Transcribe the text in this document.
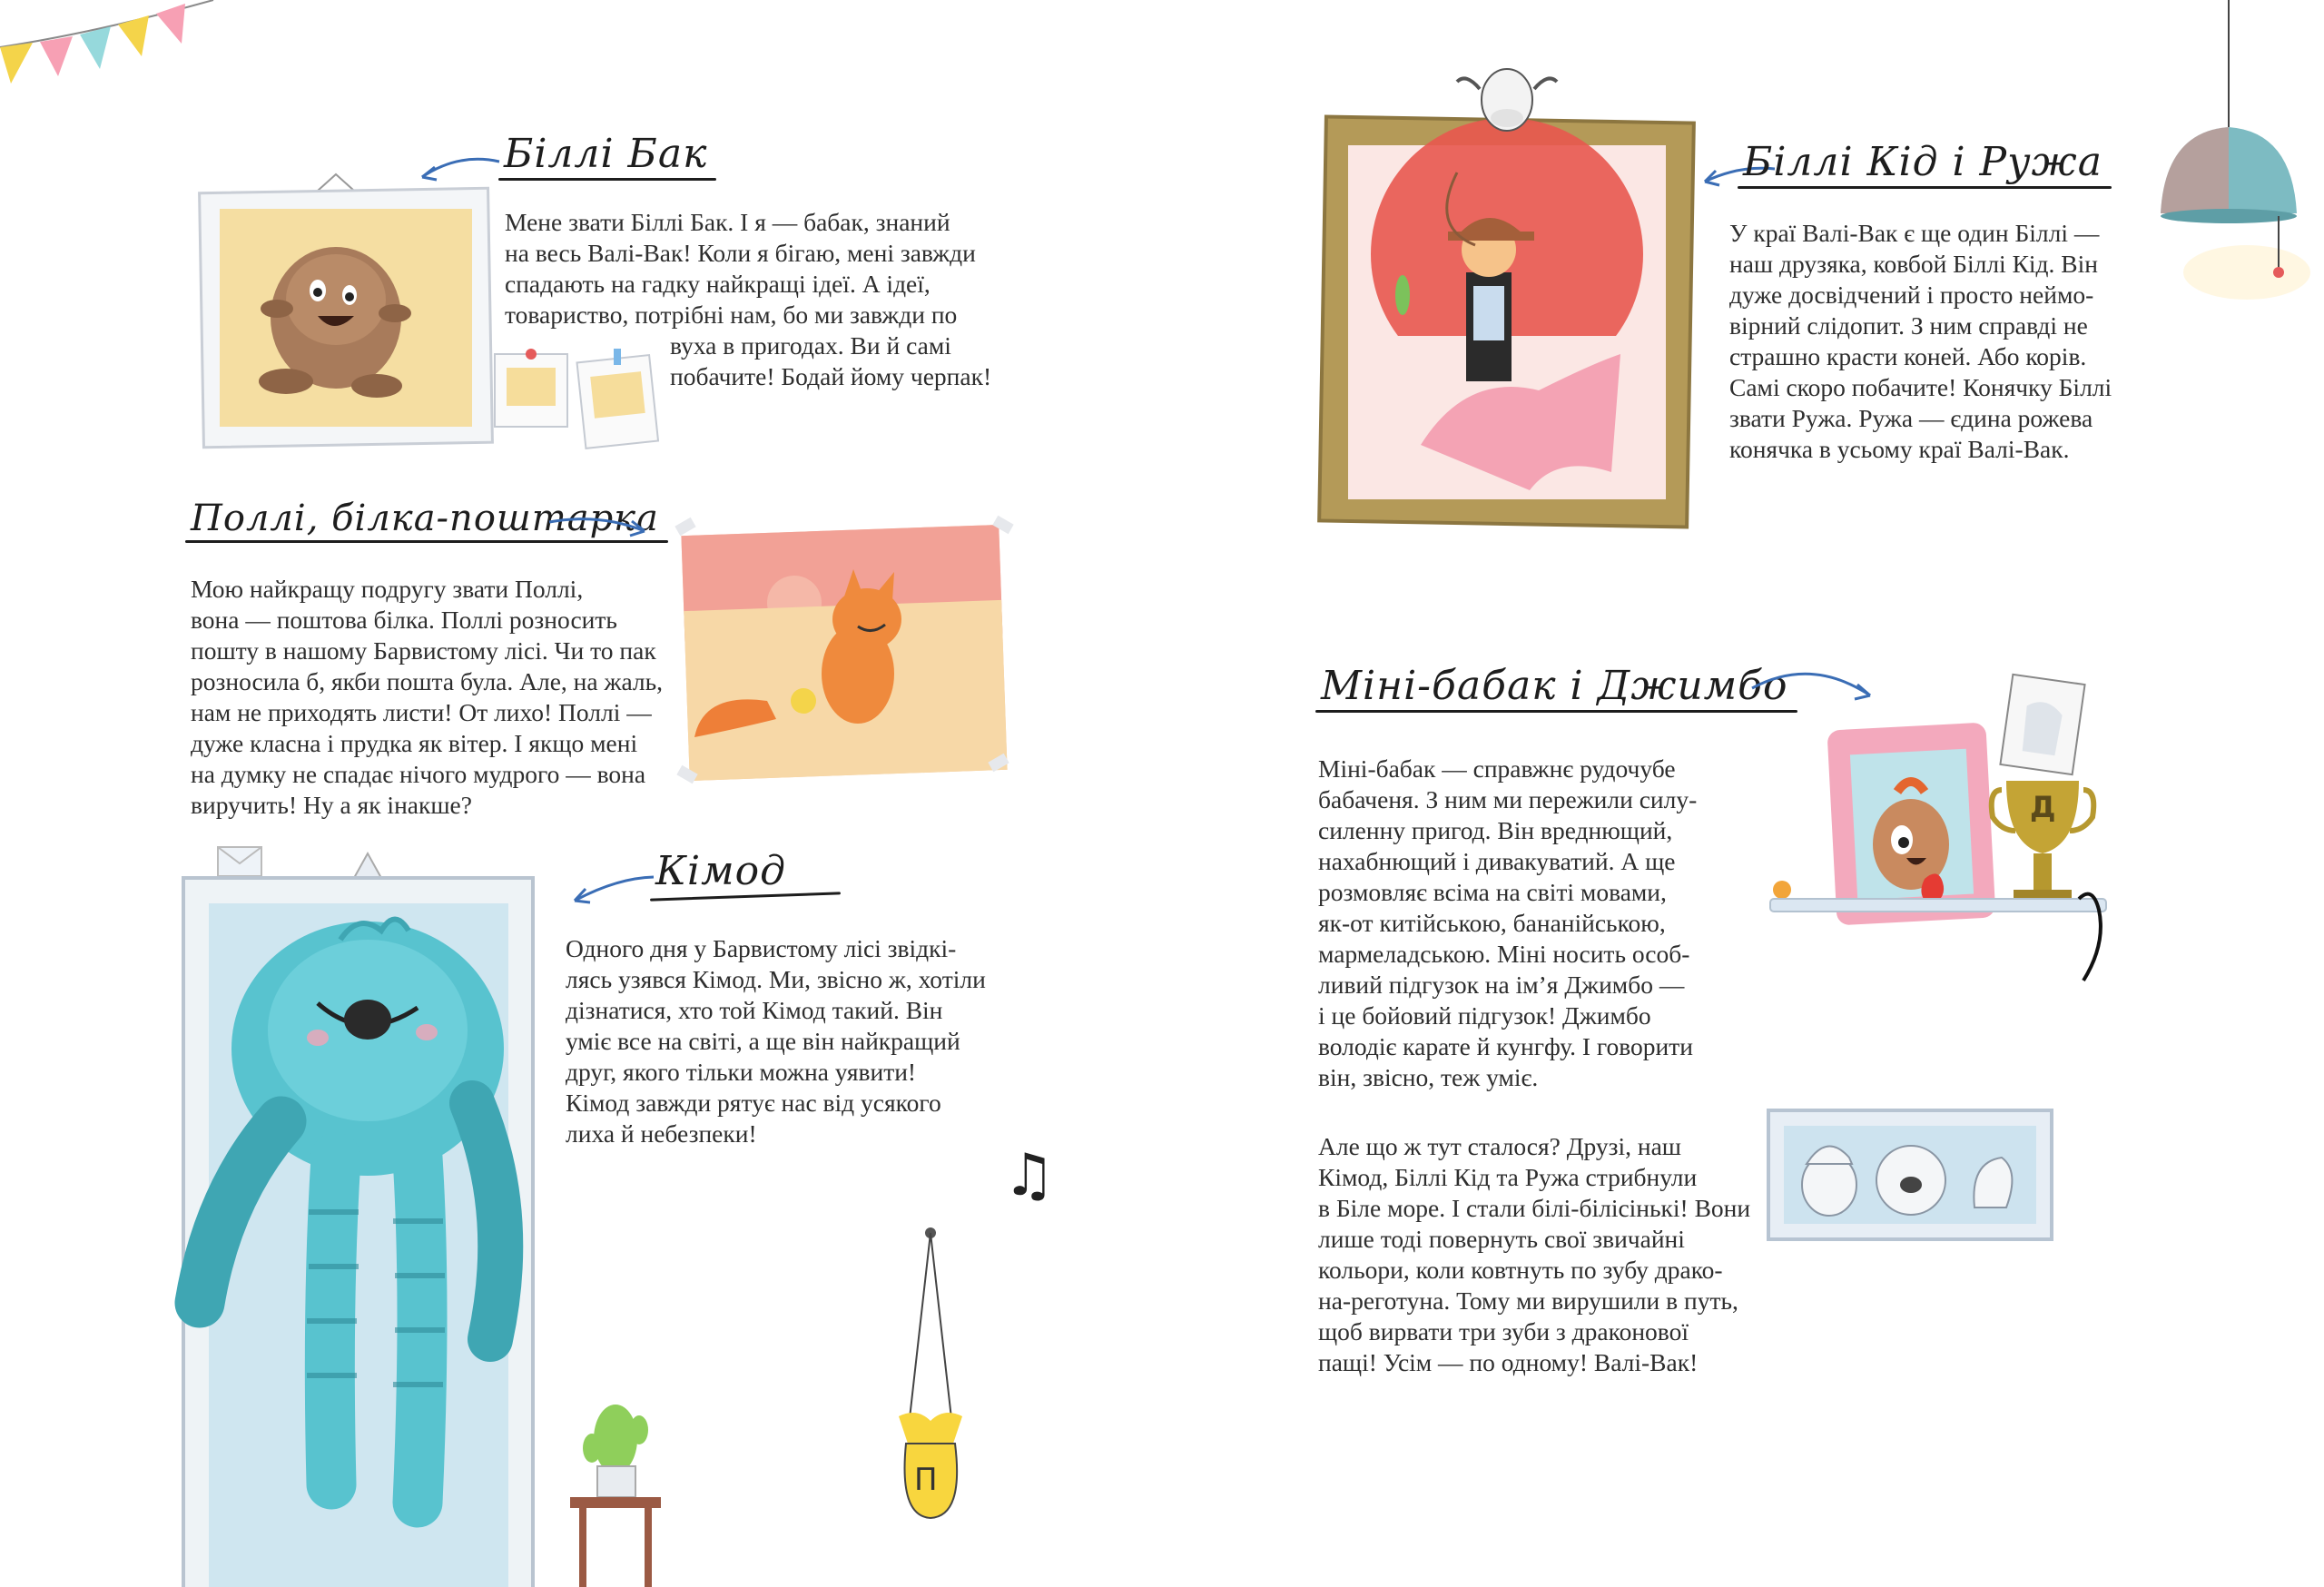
Біллі Бак

Мене звати Біллі Бак. І я — бабак, знаний
на весь Валі-Вак! Коли я бігаю, мені завжди
спадають на гадку найкращі ідеї. А ідеї,
товариство, потрібні нам, бо ми завжди по
вуха в пригодах. Ви й самі
побачите! Бодай йому черпак!

Поллі, білка-поштарка

Мою найкращу подругу звати Поллі,
вона — поштова білка. Поллі розносить
пошту в нашому Барвистому лісі. Чи то пак
розносила б, якби пошта була. Але, на жаль,
нам не приходять листи! От лихо! Поллі —
дуже класна і прудка як вітер. І якщо мені
на думку не спадає нічого мудрого — вона
виручить! Ну а як інакше?

Кімод

Одного дня у Барвистому лісі звідкі-
лясь узявся Кімод. Ми, звісно ж, хотіли
дізнатися, хто той Кімод такий. Він
уміє все на світі, а ще він найкращий
друг, якого тільки можна уявити!
Кімод завжди рятує нас від усякого
лиха й небезпеки!

♫
П
Біллі Кід і Ружа

У краї Валі-Вак є ще один Біллі —
наш друзяка, ковбой Біллі Кід. Він
дуже досвідчений і просто неймо-
вірний слідопит. З ним справді не
страшно красти коней. Або корів.
Самі скоро побачите! Конячку Біллі
звати Ружа. Ружа — єдина рожева
конячка в усьому краї Валі-Вак.

Міні-бабак і Джимбо
Д

Міні-бабак — справжнє рудочубе
бабаченя. З ним ми пережили силу-
силенну пригод. Він вреднющий,
нахабнющий і дивакуватий. А ще
розмовляє всіма на світі мовами,
як-от китійською, бананійською,
мармеладською. Міні носить особ-
ливий підгузок на ім’я Джимбо —
і це бойовий підгузок! Джимбо
володіє карате й кунгфу. І говорити
він, звісно, теж уміє.

Але що ж тут сталося? Друзі, наш
Кімод, Біллі Кід та Ружа стрибнули
в Біле море. І стали білі-білісінькі! Вони
лише тоді повернуть свої звичайні
кольори, коли ковтнуть по зубу драко-
на-реготуна. Тому ми вирушили в путь,
щоб вирвати три зуби з драконової
пащі! Усім — по одному! Валі-Вак!
